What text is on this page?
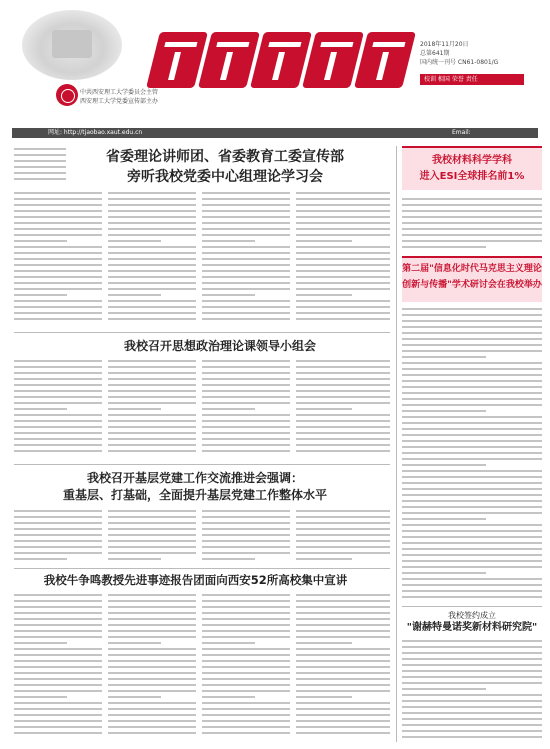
中共西安理工大学委员会主管
西安理工大学党委宣传部主办
2018年11月20日
总第641期
国内统一刊号 CN61-0801/G
校训 相国 荣誉 责任
网址: http://tjaobao.xaut.edu.cn	Email: xb4321234@126.com
省委理论讲师团、省委教育工委宣传部
旁听我校党委中心组理论学习会
我校材料科学学科
进入ESI全球排名前1%
第二届"信息化时代马克思主义理论
创新与传播"学术研讨会在我校举办
我校召开思想政治理论课领导小组会
我校召开基层党建工作交流推进会强调：
重基层、打基础，全面提升基层党建工作整体水平
我校牛争鸣教授先进事迹报告团面向西安52所高校集中宣讲
我校签约成立
"谢赫特曼诺奖新材料研究院"
